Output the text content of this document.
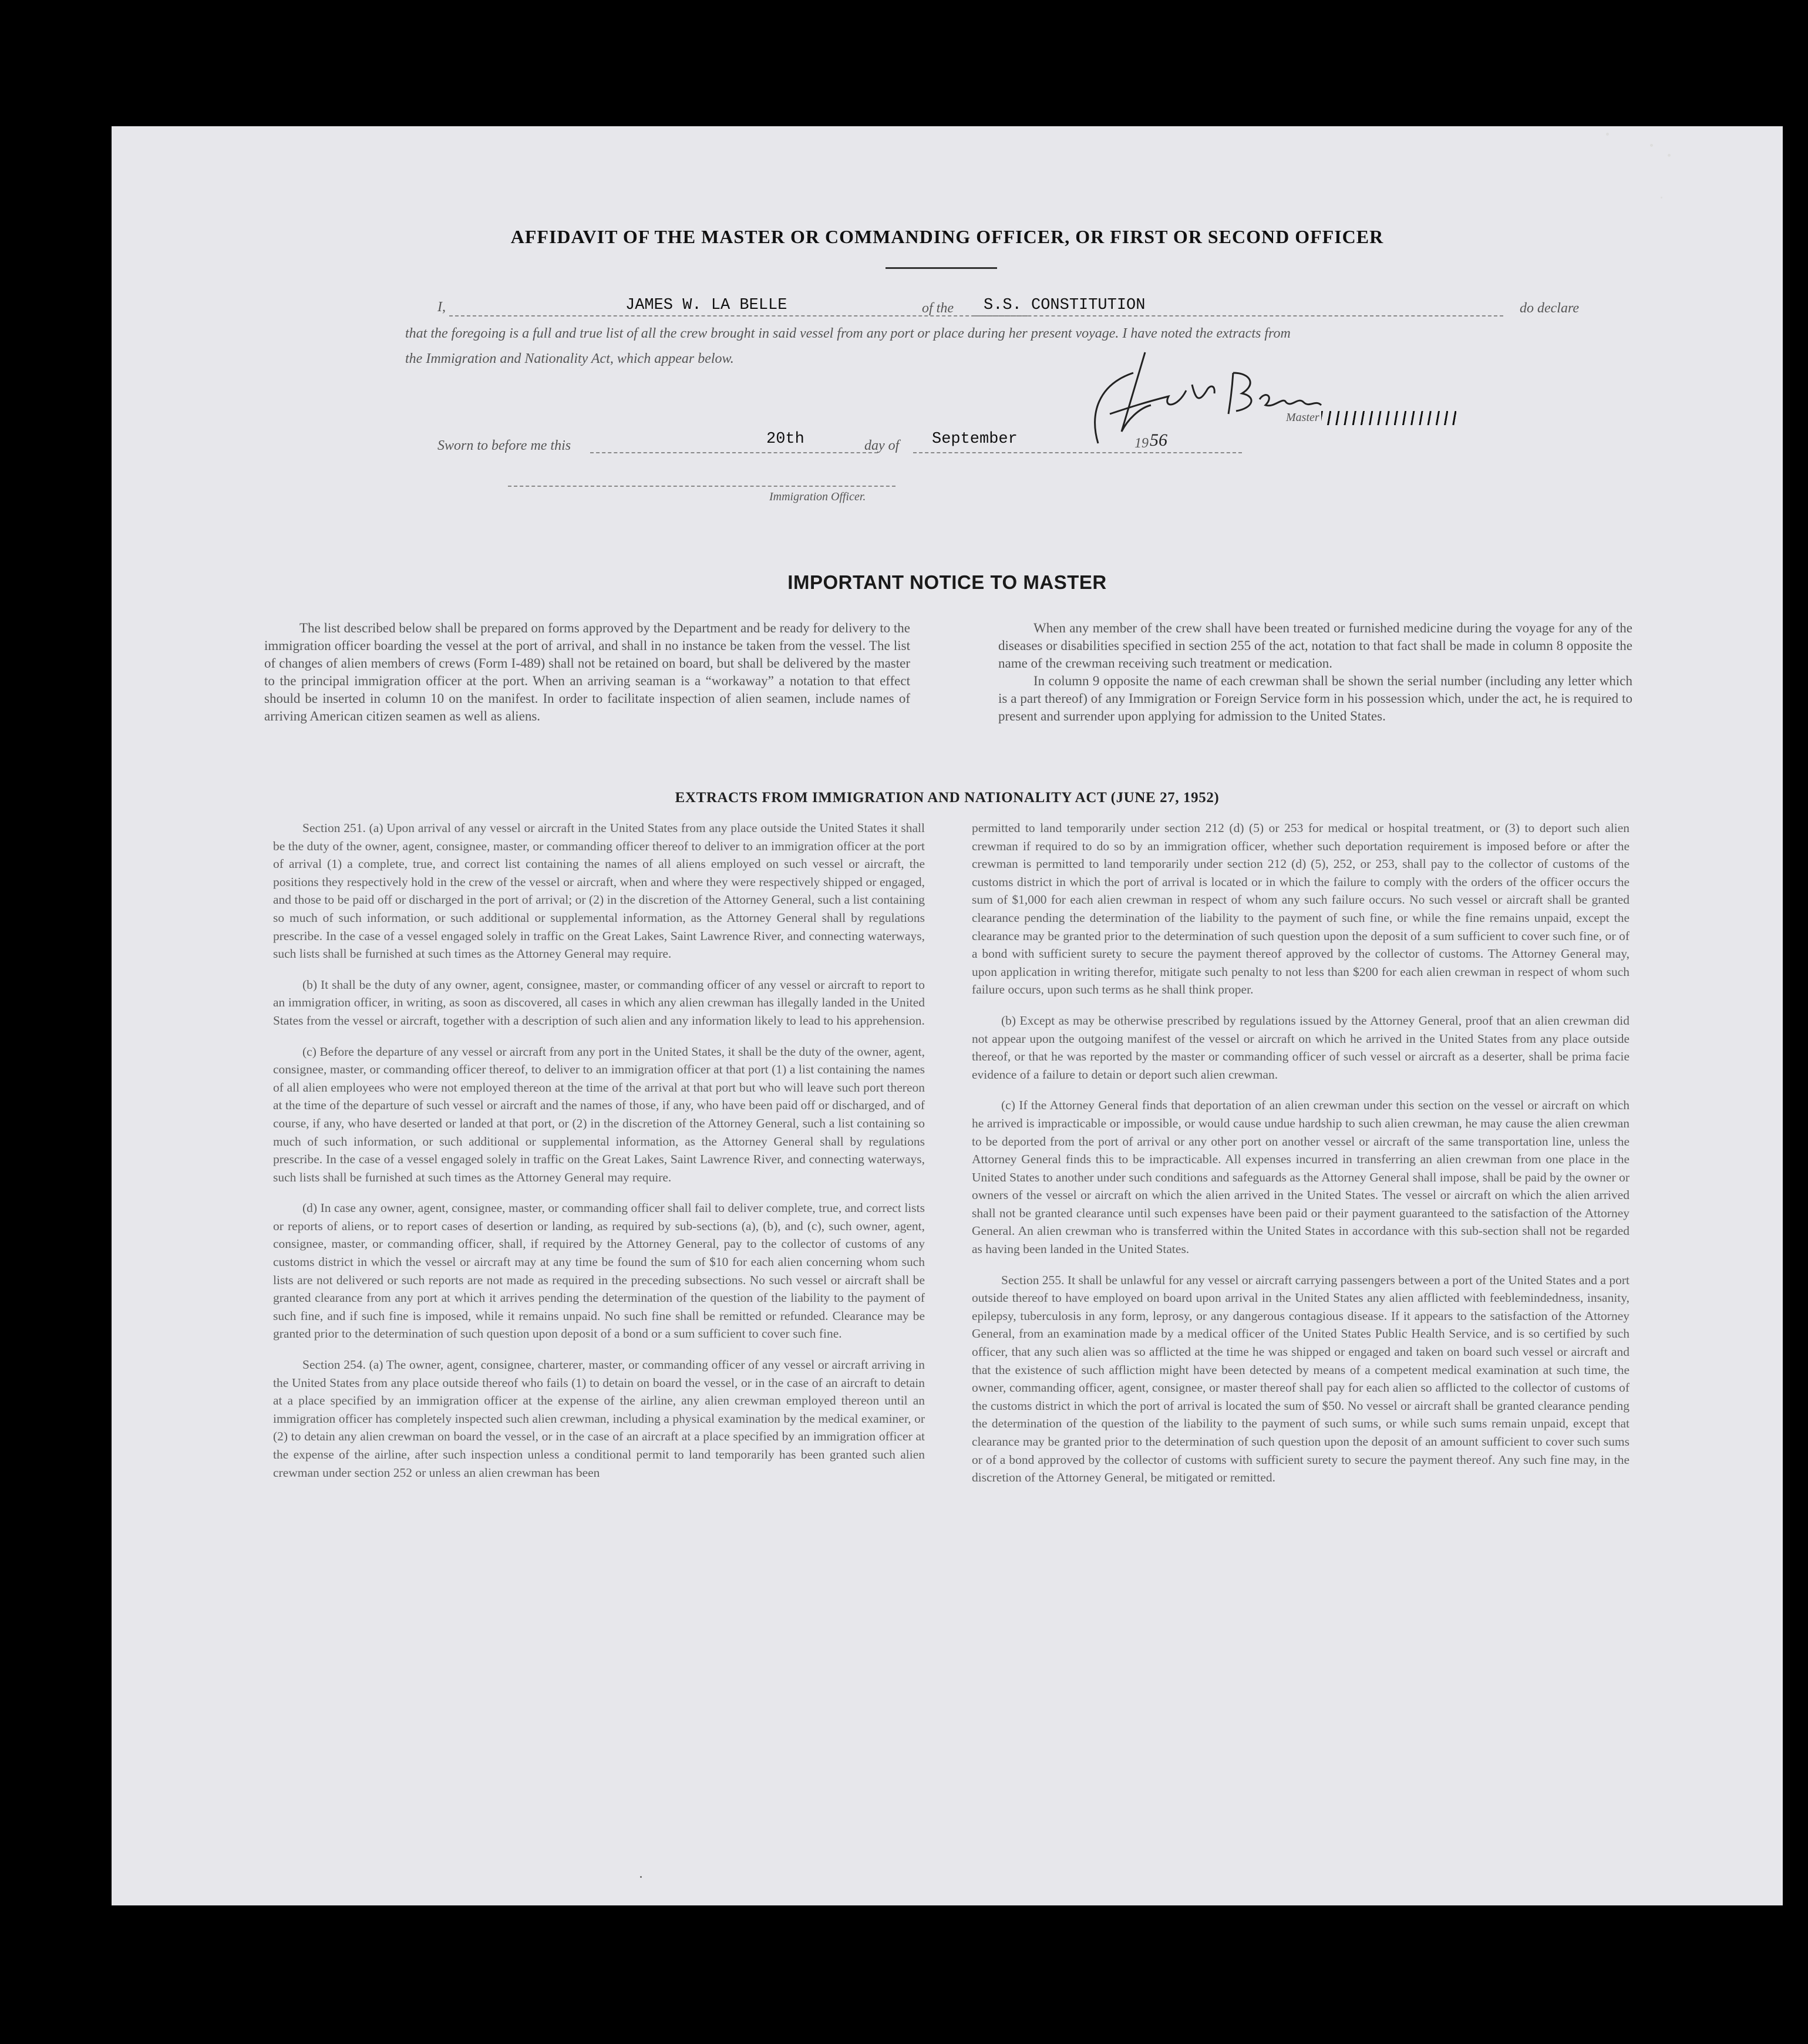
AFFIDAVIT OF THE MASTER OR COMMANDING OFFICER, OR FIRST OR SECOND OFFICER
I,	JAMES W. LA BELLE	of the S.S. CONSTITUTION	do declare
that the foregoing is a full and true list of all the crew brought in said vessel from any port or place during her present voyage. I have noted the extracts from
the Immigration and Nationality Act, which appear below.
Master
Sworn to before me this	20th	day of September	19 56
Immigration Officer.
IMPORTANT NOTICE TO MASTER
The list described below shall be prepared on forms approved by the Department and be ready for delivery to the immigration officer boarding the vessel at the port of arrival, and shall in no instance be taken from the vessel. The list of changes of alien members of crews (Form I-489) shall not be retained on board, but shall be delivered by the master to the principal immigration officer at the port. When an arriving seaman is a “workaway” a notation to that effect should be inserted in column 10 on the manifest. In order to facilitate inspection of alien seamen, include names of arriving American citizen seamen as well as aliens.

When any member of the crew shall have been treated or furnished medicine during the voyage for any of the diseases or disabilities specified in section 255 of the act, notation to that fact shall be made in column 8 opposite the name of the crewman receiving such treatment or medication.

In column 9 opposite the name of each crewman shall be shown the serial number (including any letter which is a part thereof) of any Immigration or Foreign Service form in his possession which, under the act, he is required to present and surrender upon applying for admission to the United States.

EXTRACTS FROM IMMIGRATION AND NATIONALITY ACT (JUNE 27, 1952)

Section 251. (a) Upon arrival of any vessel or aircraft in the United States from any place outside the United States it shall be the duty of the owner, agent, consignee, master, or commanding officer thereof to deliver to an immigration officer at the port of arrival (1) a complete, true, and correct list containing the names of all aliens employed on such vessel or aircraft, the positions they respectively hold in the crew of the vessel or aircraft, when and where they were respectively shipped or engaged, and those to be paid off or discharged in the port of arrival; or (2) in the discretion of the Attorney General, such a list containing so much of such information, or such additional or supplemental information, as the Attorney General shall by regulations prescribe. In the case of a vessel engaged solely in traffic on the Great Lakes, Saint Lawrence River, and connecting waterways, such lists shall be furnished at such times as the Attorney General may require.

(b) It shall be the duty of any owner, agent, consignee, master, or commanding officer of any vessel or aircraft to report to an immigration officer, in writing, as soon as discovered, all cases in which any alien crewman has illegally landed in the United States from the vessel or aircraft, together with a description of such alien and any information likely to lead to his apprehension.

(c) Before the departure of any vessel or aircraft from any port in the United States, it shall be the duty of the owner, agent, consignee, master, or commanding officer thereof, to deliver to an immigration officer at that port (1) a list containing the names of all alien employees who were not employed thereon at the time of the arrival at that port but who will leave such port thereon at the time of the departure of such vessel or aircraft and the names of those, if any, who have been paid off or discharged, and of course, if any, who have deserted or landed at that port, or (2) in the discretion of the Attorney General, such a list containing so much of such information, or such additional or supplemental information, as the Attorney General shall by regulations prescribe. In the case of a vessel engaged solely in traffic on the Great Lakes, Saint Lawrence River, and connecting waterways, such lists shall be furnished at such times as the Attorney General may require.

(d) In case any owner, agent, consignee, master, or commanding officer shall fail to deliver complete, true, and correct lists or reports of aliens, or to report cases of desertion or landing, as required by sub-sections (a), (b), and (c), such owner, agent, consignee, master, or commanding officer, shall, if required by the Attorney General, pay to the collector of customs of any customs district in which the vessel or aircraft may at any time be found the sum of $10 for each alien concerning whom such lists are not delivered or such reports are not made as required in the preceding subsections. No such vessel or aircraft shall be granted clearance from any port at which it arrives pending the determination of the question of the liability to the payment of such fine, and if such fine is imposed, while it remains unpaid. No such fine shall be remitted or refunded. Clearance may be granted prior to the determination of such question upon deposit of a bond or a sum sufficient to cover such fine.

Section 254. (a) The owner, agent, consignee, charterer, master, or commanding officer of any vessel or aircraft arriving in the United States from any place outside thereof who fails (1) to detain on board the vessel, or in the case of an aircraft to detain at a place specified by an immigration officer at the expense of the airline, any alien crewman employed thereon until an immigration officer has completely inspected such alien crewman, including a physical examination by the medical examiner, or (2) to detain any alien crewman on board the vessel, or in the case of an aircraft at a place specified by an immigration officer at the expense of the airline, after such inspection unless a conditional permit to land temporarily has been granted such alien crewman under section 252 or unless an alien crewman has been

permitted to land temporarily under section 212 (d) (5) or 253 for medical or hospital treatment, or (3) to deport such alien crewman if required to do so by an immigration officer, whether such deportation requirement is imposed before or after the crewman is permitted to land temporarily under section 212 (d) (5), 252, or 253, shall pay to the collector of customs of the customs district in which the port of arrival is located or in which the failure to comply with the orders of the officer occurs the sum of $1,000 for each alien crewman in respect of whom any such failure occurs. No such vessel or aircraft shall be granted clearance pending the determination of the liability to the payment of such fine, or while the fine remains unpaid, except the clearance may be granted prior to the determination of such question upon the deposit of a sum sufficient to cover such fine, or of a bond with sufficient surety to secure the payment thereof approved by the collector of customs. The Attorney General may, upon application in writing therefor, mitigate such penalty to not less than $200 for each alien crewman in respect of whom such failure occurs, upon such terms as he shall think proper.

(b) Except as may be otherwise prescribed by regulations issued by the Attorney General, proof that an alien crewman did not appear upon the outgoing manifest of the vessel or aircraft on which he arrived in the United States from any place outside thereof, or that he was reported by the master or commanding officer of such vessel or aircraft as a deserter, shall be prima facie evidence of a failure to detain or deport such alien crewman.

(c) If the Attorney General finds that deportation of an alien crewman under this section on the vessel or aircraft on which he arrived is impracticable or impossible, or would cause undue hardship to such alien crewman, he may cause the alien crewman to be deported from the port of arrival or any other port on another vessel or aircraft of the same transportation line, unless the Attorney General finds this to be impracticable. All expenses incurred in transferring an alien crewman from one place in the United States to another under such conditions and safeguards as the Attorney General shall impose, shall be paid by the owner or owners of the vessel or aircraft on which the alien arrived in the United States. The vessel or aircraft on which the alien arrived shall not be granted clearance until such expenses have been paid or their payment guaranteed to the satisfaction of the Attorney General. An alien crewman who is transferred within the United States in accordance with this sub-section shall not be regarded as having been landed in the United States.

Section 255. It shall be unlawful for any vessel or aircraft carrying passengers between a port of the United States and a port outside thereof to have employed on board upon arrival in the United States any alien afflicted with feeblemindedness, insanity, epilepsy, tuberculosis in any form, leprosy, or any dangerous contagious disease. If it appears to the satisfaction of the Attorney General, from an examination made by a medical officer of the United States Public Health Service, and is so certified by such officer, that any such alien was so afflicted at the time he was shipped or engaged and taken on board such vessel or aircraft and that the existence of such affliction might have been detected by means of a competent medical examination at such time, the owner, commanding officer, agent, consignee, or master thereof shall pay for each alien so afflicted to the collector of customs of the customs district in which the port of arrival is located the sum of $50. No vessel or aircraft shall be granted clearance pending the determination of the question of the liability to the payment of such sums, or while such sums remain unpaid, except that clearance may be granted prior to the determination of such question upon the deposit of an amount sufficient to cover such sums or of a bond approved by the collector of customs with sufficient surety to secure the payment thereof. Any such fine may, in the discretion of the Attorney General, be mitigated or remitted.
